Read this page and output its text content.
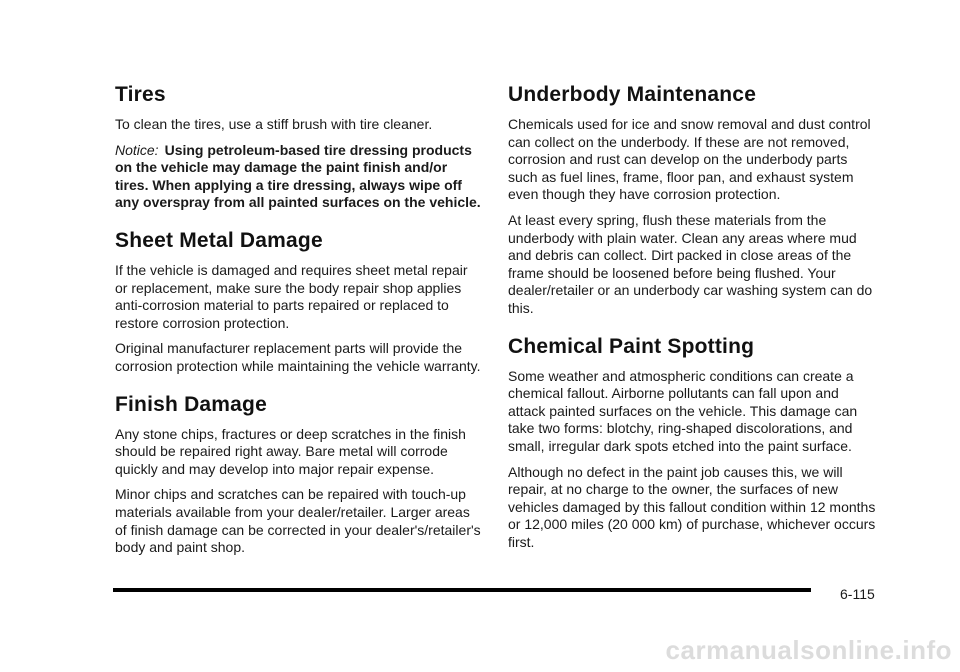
Tires

To clean the tires, use a stiff brush with tire cleaner.

Notice: Using petroleum-based tire dressing products on the vehicle may damage the paint finish and/or tires. When applying a tire dressing, always wipe off any overspray from all painted surfaces on the vehicle.

Sheet Metal Damage

If the vehicle is damaged and requires sheet metal repair or replacement, make sure the body repair shop applies anti-corrosion material to parts repaired or replaced to restore corrosion protection.

Original manufacturer replacement parts will provide the corrosion protection while maintaining the vehicle warranty.

Finish Damage

Any stone chips, fractures or deep scratches in the finish should be repaired right away. Bare metal will corrode quickly and may develop into major repair expense.

Minor chips and scratches can be repaired with touch-up materials available from your dealer/retailer. Larger areas of finish damage can be corrected in your dealer's/retailer's body and paint shop.

Underbody Maintenance

Chemicals used for ice and snow removal and dust control can collect on the underbody. If these are not removed, corrosion and rust can develop on the underbody parts such as fuel lines, frame, floor pan, and exhaust system even though they have corrosion protection.

At least every spring, flush these materials from the underbody with plain water. Clean any areas where mud and debris can collect. Dirt packed in close areas of the frame should be loosened before being flushed. Your dealer/retailer or an underbody car washing system can do this.

Chemical Paint Spotting

Some weather and atmospheric conditions can create a chemical fallout. Airborne pollutants can fall upon and attack painted surfaces on the vehicle. This damage can take two forms: blotchy, ring-shaped discolorations, and small, irregular dark spots etched into the paint surface.

Although no defect in the paint job causes this, we will repair, at no charge to the owner, the surfaces of new vehicles damaged by this fallout condition within 12 months or 12,000 miles (20 000 km) of purchase, whichever occurs first.

6-115
carmanualsonline.info
